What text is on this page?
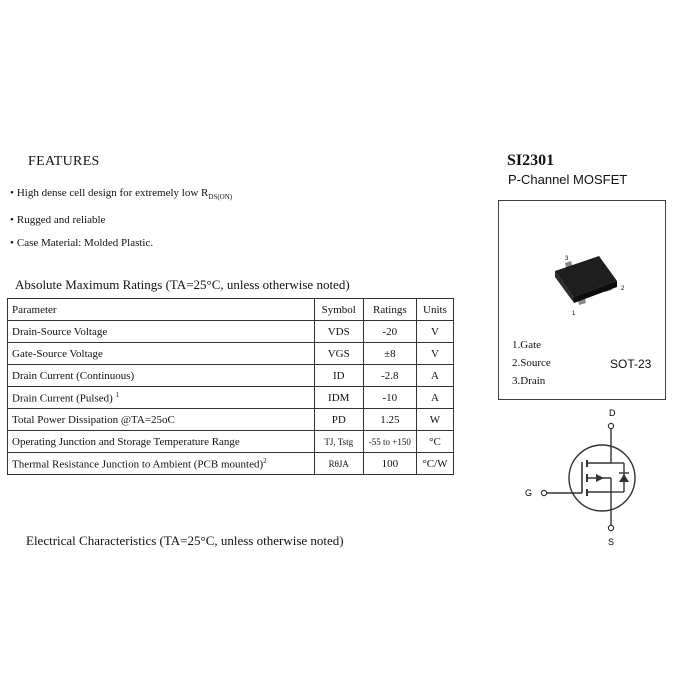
FEATURES
• High dense cell design for extremely low $R_{DS(ON)}$
• Rugged and reliable
• Case Material: Molded Plastic.
SI2301
P-Channel MOSFET
3
1
2
1.Gate
2.Source
3.Drain
SOT-23
Absolute Maximum Ratings (TA=25°C, unless otherwise noted)
Parameter	Symbol	Ratings	Units
Drain-Source Voltage	VDS	-20	V
Gate-Source Voltage	VGS	±8	V
Drain Current (Continuous)	ID	-2.8	A
Drain Current (Pulsed) $^1$	IDM	-10	A
Total Power Dissipation @TA=25oC	PD	1.25	W
Operating Junction and Storage Temperature Range	TJ, Tstg	-55 to +150	°C
Thermal Resistance Junction to Ambient (PCB mounted)$^2$	RθJA	100	°C/W
D
G
S
Electrical Characteristics (TA=25°C, unless otherwise noted)
